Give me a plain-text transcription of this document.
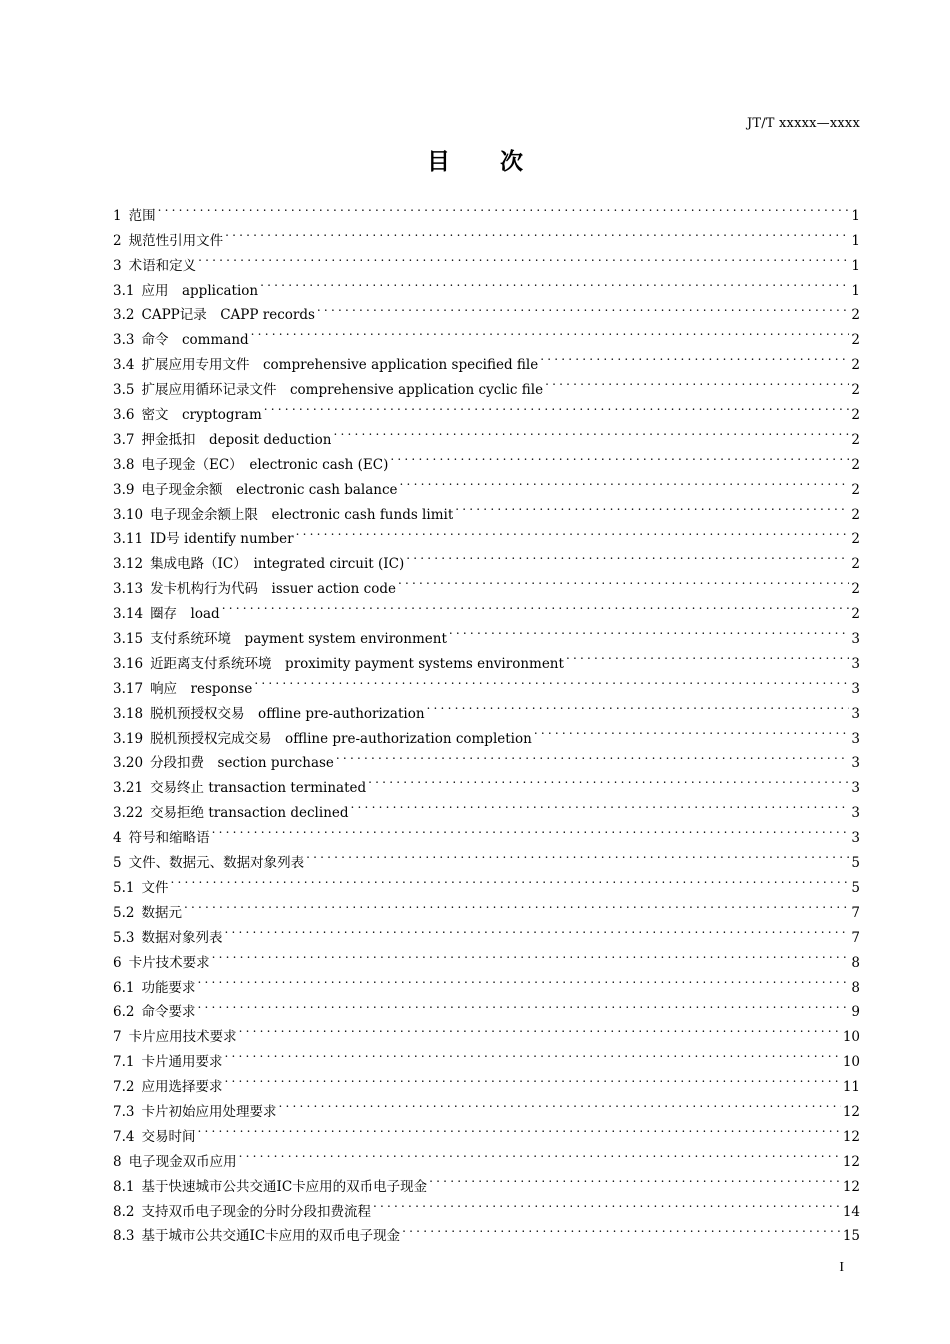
JT/T xxxxx—xxxx
目次
1 范围 .....	1
2 规范性引用文件 .....	1
3 术语和定义 .....	1
3.1 应用　application .....	1
3.2 CAPP记录　CAPP records .....	2
3.3 命令　command .....	2
3.4 扩展应用专用文件　comprehensive application specified file .....	2
3.5 扩展应用循环记录文件　comprehensive application cyclic file .....	2
3.6 密文　cryptogram .....	2
3.7 押金抵扣　deposit deduction .....	2
3.8 电子现金（EC）　electronic cash (EC) .....	2
3.9 电子现金余额　electronic cash balance .....	2
3.10 电子现金余额上限　electronic cash funds limit .....	2
3.11 ID号 identify number .....	2
3.12 集成电路（IC）　integrated circuit (IC) .....	2
3.13 发卡机构行为代码　issuer action code .....	2
3.14 圈存　load .....	2
3.15 支付系统环境　payment system environment .....	3
3.16 近距离支付系统环境　proximity payment systems environment .....	3
3.17 响应　response .....	3
3.18 脱机预授权交易　offline pre-authorization .....	3
3.19 脱机预授权完成交易　offline pre-authorization completion .....	3
3.20 分段扣费　section purchase .....	3
3.21 交易终止 transaction terminated .....	3
3.22 交易拒绝 transaction declined .....	3
4 符号和缩略语 .....	3
5 文件、数据元、数据对象列表 .....	5
5.1 文件 .....	5
5.2 数据元 .....	7
5.3 数据对象列表 .....	7
6 卡片技术要求 .....	8
6.1 功能要求 .....	8
6.2 命令要求 .....	9
7 卡片应用技术要求 .....	10
7.1 卡片通用要求 .....	10
7.2 应用选择要求 .....	11
7.3 卡片初始应用处理要求 .....	12
7.4 交易时间 .....	12
8 电子现金双币应用 .....	12
8.1 基于快速城市公共交通IC卡应用的双币电子现金 .....	12
8.2 支持双币电子现金的分时分段扣费流程 .....	14
8.3 基于城市公共交通IC卡应用的双币电子现金 .....	15
I
